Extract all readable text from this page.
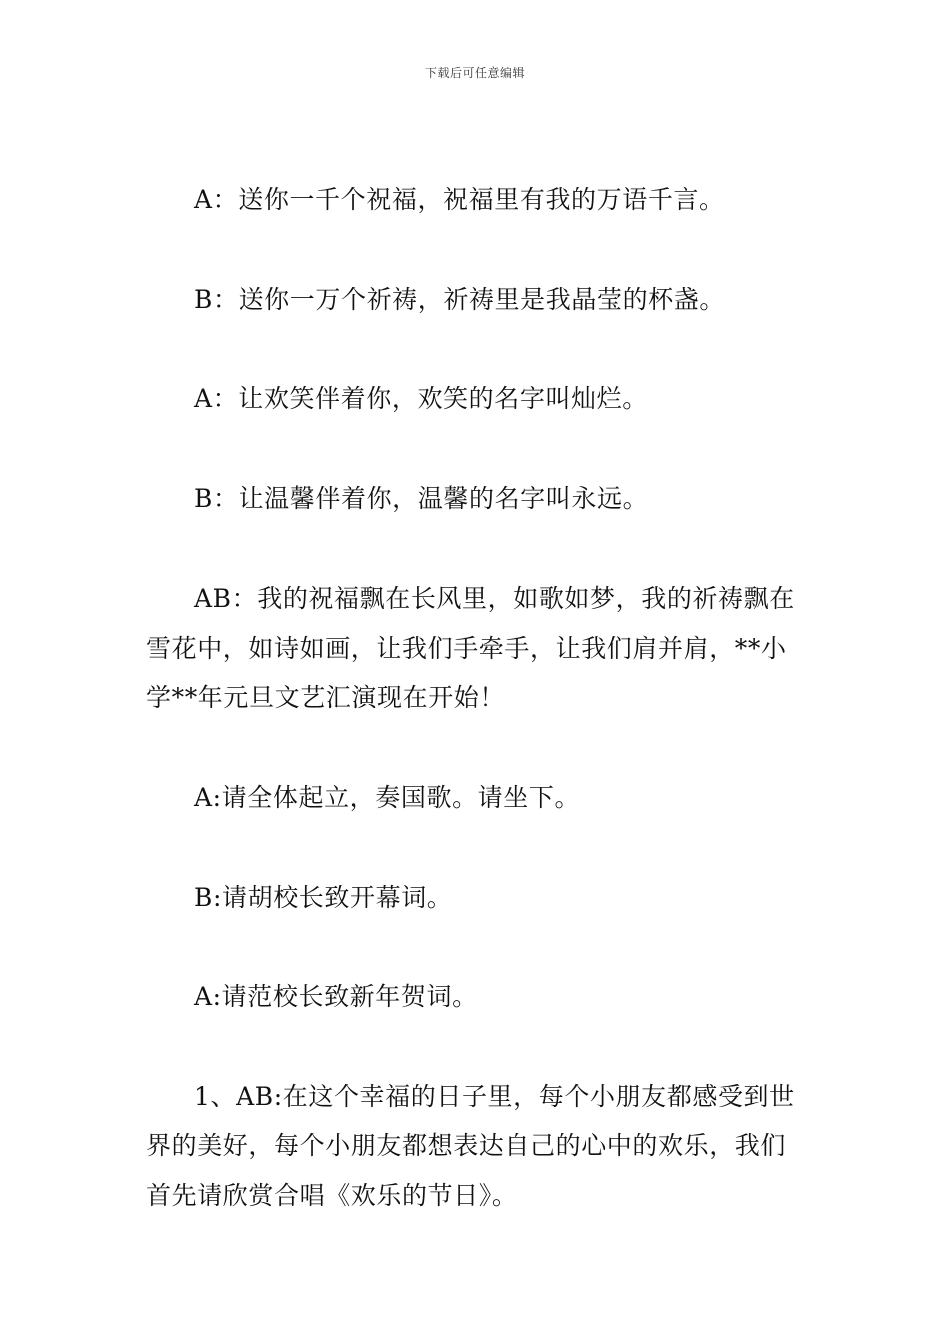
下载后可任意编辑
A：送你一千个祝福，祝福里有我的万语千言。
B：送你一万个祈祷，祈祷里是我晶莹的杯盏。
A：让欢笑伴着你，欢笑的名字叫灿烂。
B：让温馨伴着你，温馨的名字叫永远。
AB：我的祝福飘在长风里，如歌如梦，我的祈祷飘在
雪花中，如诗如画，让我们手牵手，让我们肩并肩，**小
学**年元旦文艺汇演现在开始！
A:请全体起立，奏国歌。请坐下。
B:请胡校长致开幕词。
A:请范校长致新年贺词。
1、AB:在这个幸福的日子里，每个小朋友都感受到世
界的美好，每个小朋友都想表达自己的心中的欢乐，我们
首先请欣赏合唱《欢乐的节日》。
